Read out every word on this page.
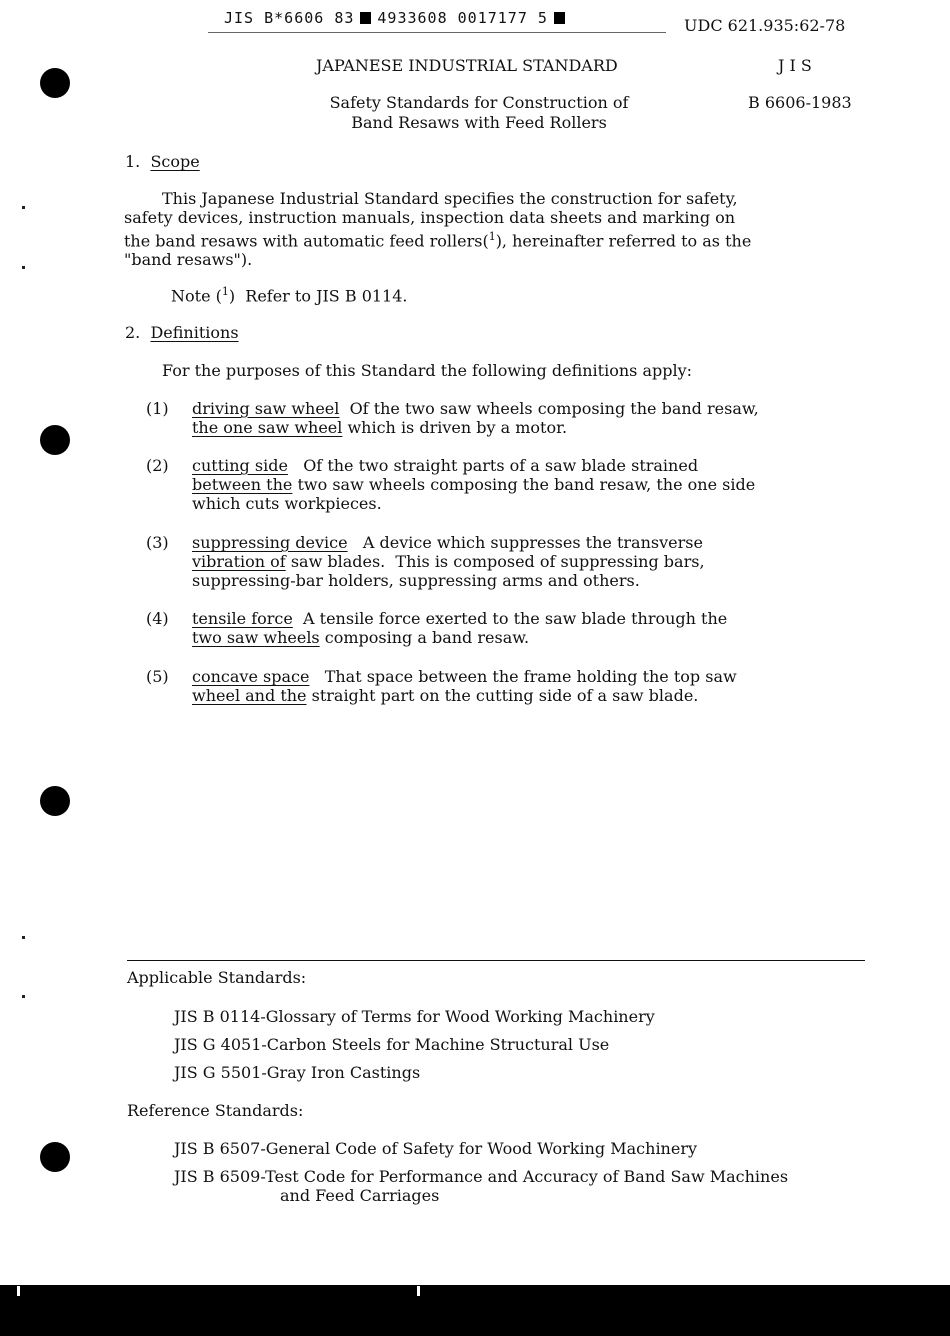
JIS B*6606 83 4933608 0017177 5	UDC 621.935:62-78
JAPANESE INDUSTRIAL STANDARD	J I S
Safety Standards for Construction of
Band Resaws with Feed Rollers
B 6606-1983
1. Scope
This Japanese Industrial Standard specifies the construction for safety,
safety devices, instruction manuals, inspection data sheets and marking on
the band resaws with automatic feed rollers($^1$), hereinafter referred to as the
"band resaws").
Note ($^1$)  Refer to JIS B 0114.
2. Definitions
For the purposes of this Standard the following definitions apply:
(1) driving saw wheel Of the two saw wheels composing the band resaw,
the one saw wheel which is driven by a motor.
(2) cutting side Of the two straight parts of a saw blade strained
between the two saw wheels composing the band resaw, the one side
which cuts workpieces.
(3) suppressing device A device which suppresses the transverse
vibration of saw blades.  This is composed of suppressing bars,
suppressing-bar holders, suppressing arms and others.
(4) tensile force A tensile force exerted to the saw blade through the
two saw wheels composing a band resaw.
(5) concave space That space between the frame holding the top saw
wheel and the straight part on the cutting side of a saw blade.
Applicable Standards:
JIS B 0114-Glossary of Terms for Wood Working Machinery
JIS G 4051-Carbon Steels for Machine Structural Use
JIS G 5501-Gray Iron Castings
Reference Standards:
JIS B 6507-General Code of Safety for Wood Working Machinery
JIS B 6509-Test Code for Performance and Accuracy of Band Saw Machines
and Feed Carriages
